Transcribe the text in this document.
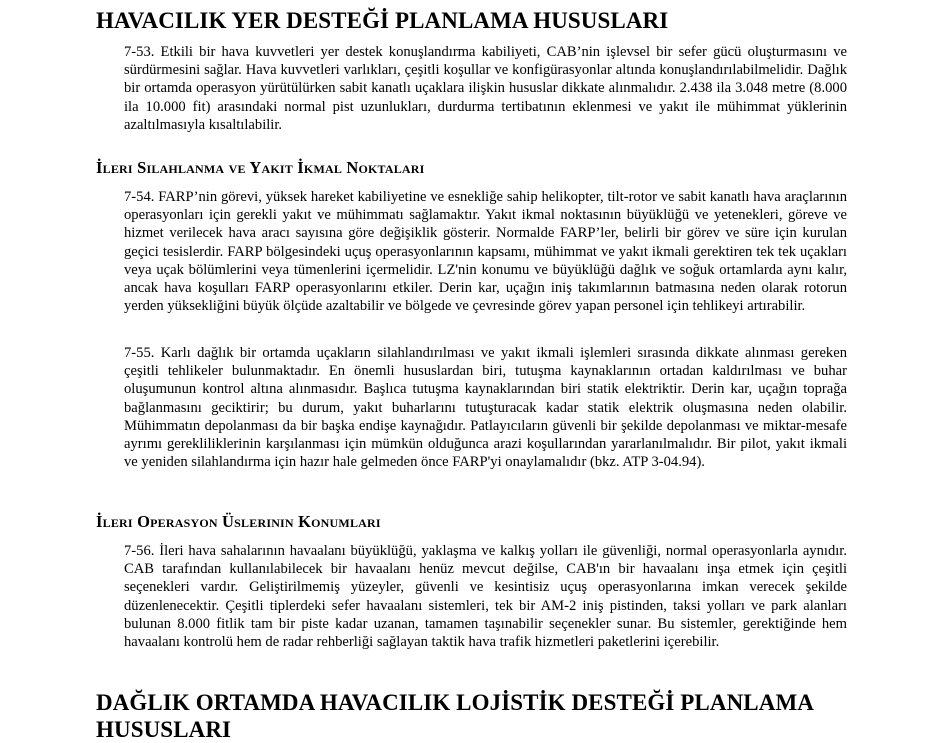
HAVACILIK YER DESTEĞİ PLANLAMA HUSUSLARI

7-53. Etkili bir hava kuvvetleri yer destek konuşlandırma kabiliyeti, CAB’nin işlevsel bir sefer gücü oluşturmasını ve sürdürmesini sağlar. Hava kuvvetleri varlıkları, çeşitli koşullar ve konfigürasyonlar altında konuşlandırılabilmelidir. Dağlık bir ortamda operasyon yürütülürken sabit kanatlı uçaklara ilişkin hususlar dikkate alınmalıdır. 2.438 ila 3.048 metre (8.000 ila 10.000 fit) arasındaki normal pist uzunlukları, durdurma tertibatının eklenmesi ve yakıt ile mühimmat yüklerinin azaltılmasıyla kısaltılabilir.

İleri Silahlanma ve Yakıt İkmal Noktaları

7-54. FARP’nin görevi, yüksek hareket kabiliyetine ve esnekliğe sahip helikopter, tilt-rotor ve sabit kanatlı hava araçlarının operasyonları için gerekli yakıt ve mühimmatı sağlamaktır. Yakıt ikmal noktasının büyüklüğü ve yetenekleri, göreve ve hizmet verilecek hava aracı sayısına göre değişiklik gösterir. Normalde FARP’ler, belirli bir görev ve süre için kurulan geçici tesislerdir. FARP bölgesindeki uçuş operasyonlarının kapsamı, mühimmat ve yakıt ikmali gerektiren tek tek uçakları veya uçak bölümlerini veya tümenlerini içermelidir. LZ'nin konumu ve büyüklüğü dağlık ve soğuk ortamlarda aynı kalır, ancak hava koşulları FARP operasyonlarını etkiler. Derin kar, uçağın iniş takımlarının batmasına neden olarak rotorun yerden yüksekliğini büyük ölçüde azaltabilir ve bölgede ve çevresinde görev yapan personel için tehlikeyi artırabilir.

7-55. Karlı dağlık bir ortamda uçakların silahlandırılması ve yakıt ikmali işlemleri sırasında dikkate alınması gereken çeşitli tehlikeler bulunmaktadır. En önemli hususlardan biri, tutuşma kaynaklarının ortadan kaldırılması ve buhar oluşumunun kontrol altına alınmasıdır. Başlıca tutuşma kaynaklarından biri statik elektriktir. Derin kar, uçağın toprağa bağlanmasını geciktirir; bu durum, yakıt buharlarını tutuşturacak kadar statik elektrik oluşmasına neden olabilir. Mühimmatın depolanması da bir başka endişe kaynağıdır. Patlayıcıların güvenli bir şekilde depolanması ve miktar-mesafe ayrımı gerekliliklerinin karşılanması için mümkün olduğunca arazi koşullarından yararlanılmalıdır. Bir pilot, yakıt ikmali ve yeniden silahlandırma için hazır hale gelmeden önce FARP'yi onaylamalıdır (bkz. ATP 3-04.94).

İleri Operasyon Üslerinin Konumları

7-56. İleri hava sahalarının havaalanı büyüklüğü, yaklaşma ve kalkış yolları ile güvenliği, normal operasyonlarla aynıdır. CAB tarafından kullanılabilecek bir havaalanı henüz mevcut değilse, CAB'ın bir havaalanı inşa etmek için çeşitli seçenekleri vardır. Geliştirilmemiş yüzeyler, güvenli ve kesintisiz uçuş operasyonlarına imkan verecek şekilde düzenlenecektir. Çeşitli tiplerdeki sefer havaalanı sistemleri, tek bir AM-2 iniş pistinden, taksi yolları ve park alanları bulunan 8.000 fitlik tam bir piste kadar uzanan, tamamen taşınabilir seçenekler sunar. Bu sistemler, gerektiğinde hem havaalanı kontrolü hem de radar rehberliği sağlayan taktik hava trafik hizmetleri paketlerini içerebilir.

DAĞLIK ORTAMDA HAVACILIK LOJİSTİK DESTEĞİ PLANLAMA HUSUSLARI
